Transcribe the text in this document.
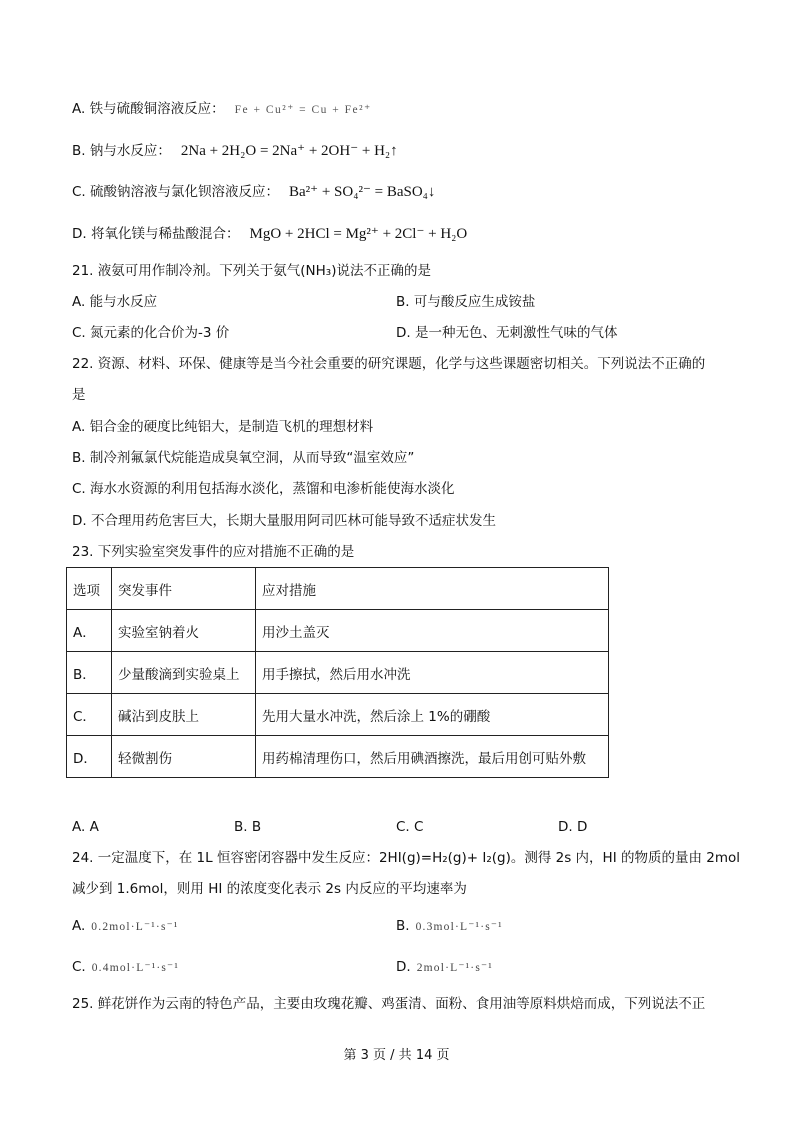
A. 铁与硫酸铜溶液反应： Fe + Cu²⁺ = Cu + Fe²⁺
B. 钠与水反应： 2Na + 2H₂O = 2Na⁺ + 2OH⁻ + H₂↑
C. 硫酸钠溶液与氯化钡溶液反应： Ba²⁺ + SO₄²⁻ = BaSO₄↓
D. 将氧化镁与稀盐酸混合： MgO + 2HCl = Mg²⁺ + 2Cl⁻ + H₂O
21. 液氨可用作制冷剂。下列关于氨气(NH₃)说法不正确的是
A. 能与水反应	B. 可与酸反应生成铵盐
C. 氮元素的化合价为-3 价	D. 是一种无色、无刺激性气味的气体
22. 资源、材料、环保、健康等是当今社会重要的研究课题，化学与这些课题密切相关。下列说法不正确的
是
A. 铝合金的硬度比纯铝大，是制造飞机的理想材料
B. 制冷剂氟氯代烷能造成臭氧空洞，从而导致“温室效应”
C. 海水水资源的利用包括海水淡化，蒸馏和电渗析能使海水淡化
D. 不合理用药危害巨大，长期大量服用阿司匹林可能导致不适症状发生
23. 下列实验室突发事件的应对措施不正确的是
选项	突发事件	应对措施
A．	实验室钠着火	用沙土盖灭
B．	少量酸滴到实验桌上	用手擦拭，然后用水冲洗
C．	碱沾到皮肤上	先用大量水冲洗，然后涂上 1%的硼酸
D．	轻微割伤	用药棉清理伤口，然后用碘酒擦洗，最后用创可贴外敷
A. A	B. B	C. C	D. D
24. 一定温度下，在 1L 恒容密闭容器中发生反应：2HI(g)=H₂(g)+ I₂(g)。测得 2s 内，HI 的物质的量由 2mol
减少到 1.6mol，则用 HI 的浓度变化表示 2s 内反应的平均速率为
A. 0.2mol·L⁻¹·s⁻¹	B. 0.3mol·L⁻¹·s⁻¹
C. 0.4mol·L⁻¹·s⁻¹	D. 2mol·L⁻¹·s⁻¹
25. 鲜花饼作为云南的特色产品，主要由玫瑰花瓣、鸡蛋清、面粉、食用油等原料烘焙而成，下列说法不正
第 3 页 / 共 14 页
